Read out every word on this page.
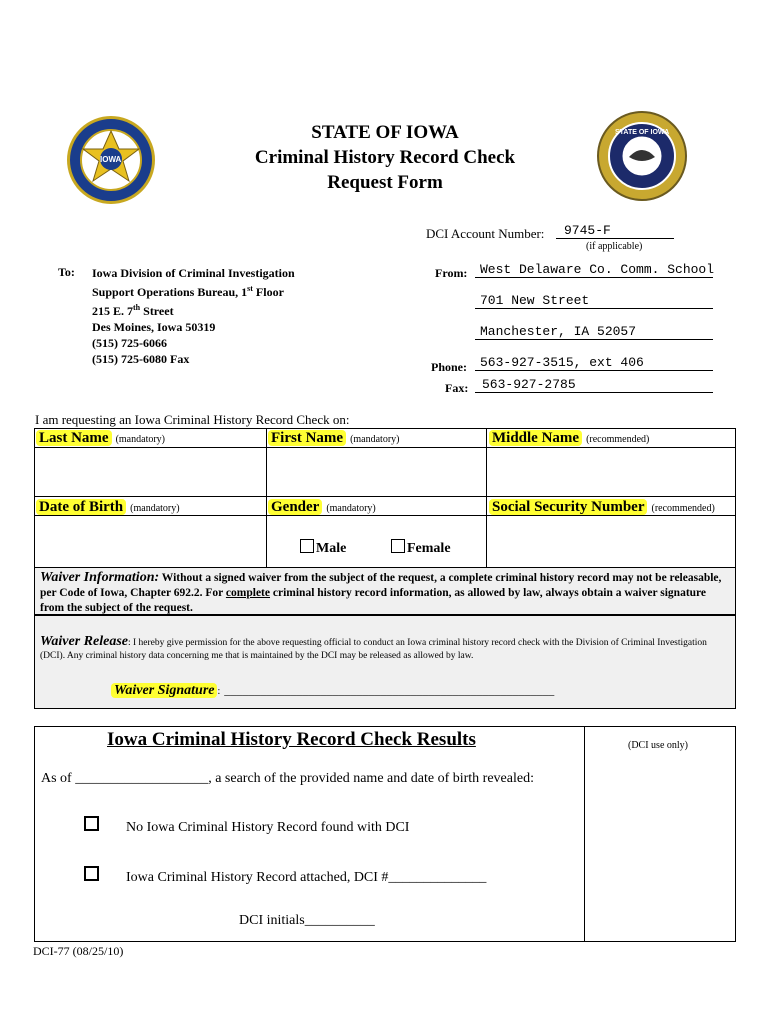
IOWA
STATE OF IOWA
STATE OF IOWA
Criminal History Record Check
Request Form
DCI Account Number:	9745-F
(if applicable)
To: Iowa Division of Criminal Investigation
Support Operations Bureau, 1st Floor
215 E. 7th Street
Des Moines, Iowa 50319
(515) 725-6066
(515) 725-6080 Fax
From: West Delaware Co. Comm. School
701 New Street
Manchester, IA 52057
Phone:	563-927-3515, ext 406
Fax:	563-927-2785
I am requesting an Iowa Criminal History Record Check on:
Last Name (mandatory)	First Name (mandatory)	Middle Name (recommended)
Date of Birth (mandatory)	Gender (mandatory)	Social Security Number (recommended)
Male	Female
Waiver Information: Without a signed waiver from the subject of the request, a complete criminal history record may not be releasable, per Code of Iowa, Chapter 692.2. For complete criminal history record information, as allowed by law, always obtain a waiver signature from the subject of the request.
Waiver Release: I hereby give permission for the above requesting official to conduct an Iowa criminal history record check with the Division of Criminal Investigation (DCI). Any criminal history data concerning me that is maintained by the DCI may be released as allowed by law.
Waiver Signature : _______________________________________________________
Iowa Criminal History Record Check Results	(DCI use only)
As of ___________________, a search of the provided name and date of birth revealed:
No Iowa Criminal History Record found with DCI
Iowa Criminal History Record attached, DCI #______________
DCI initials__________
DCI-77 (08/25/10)
